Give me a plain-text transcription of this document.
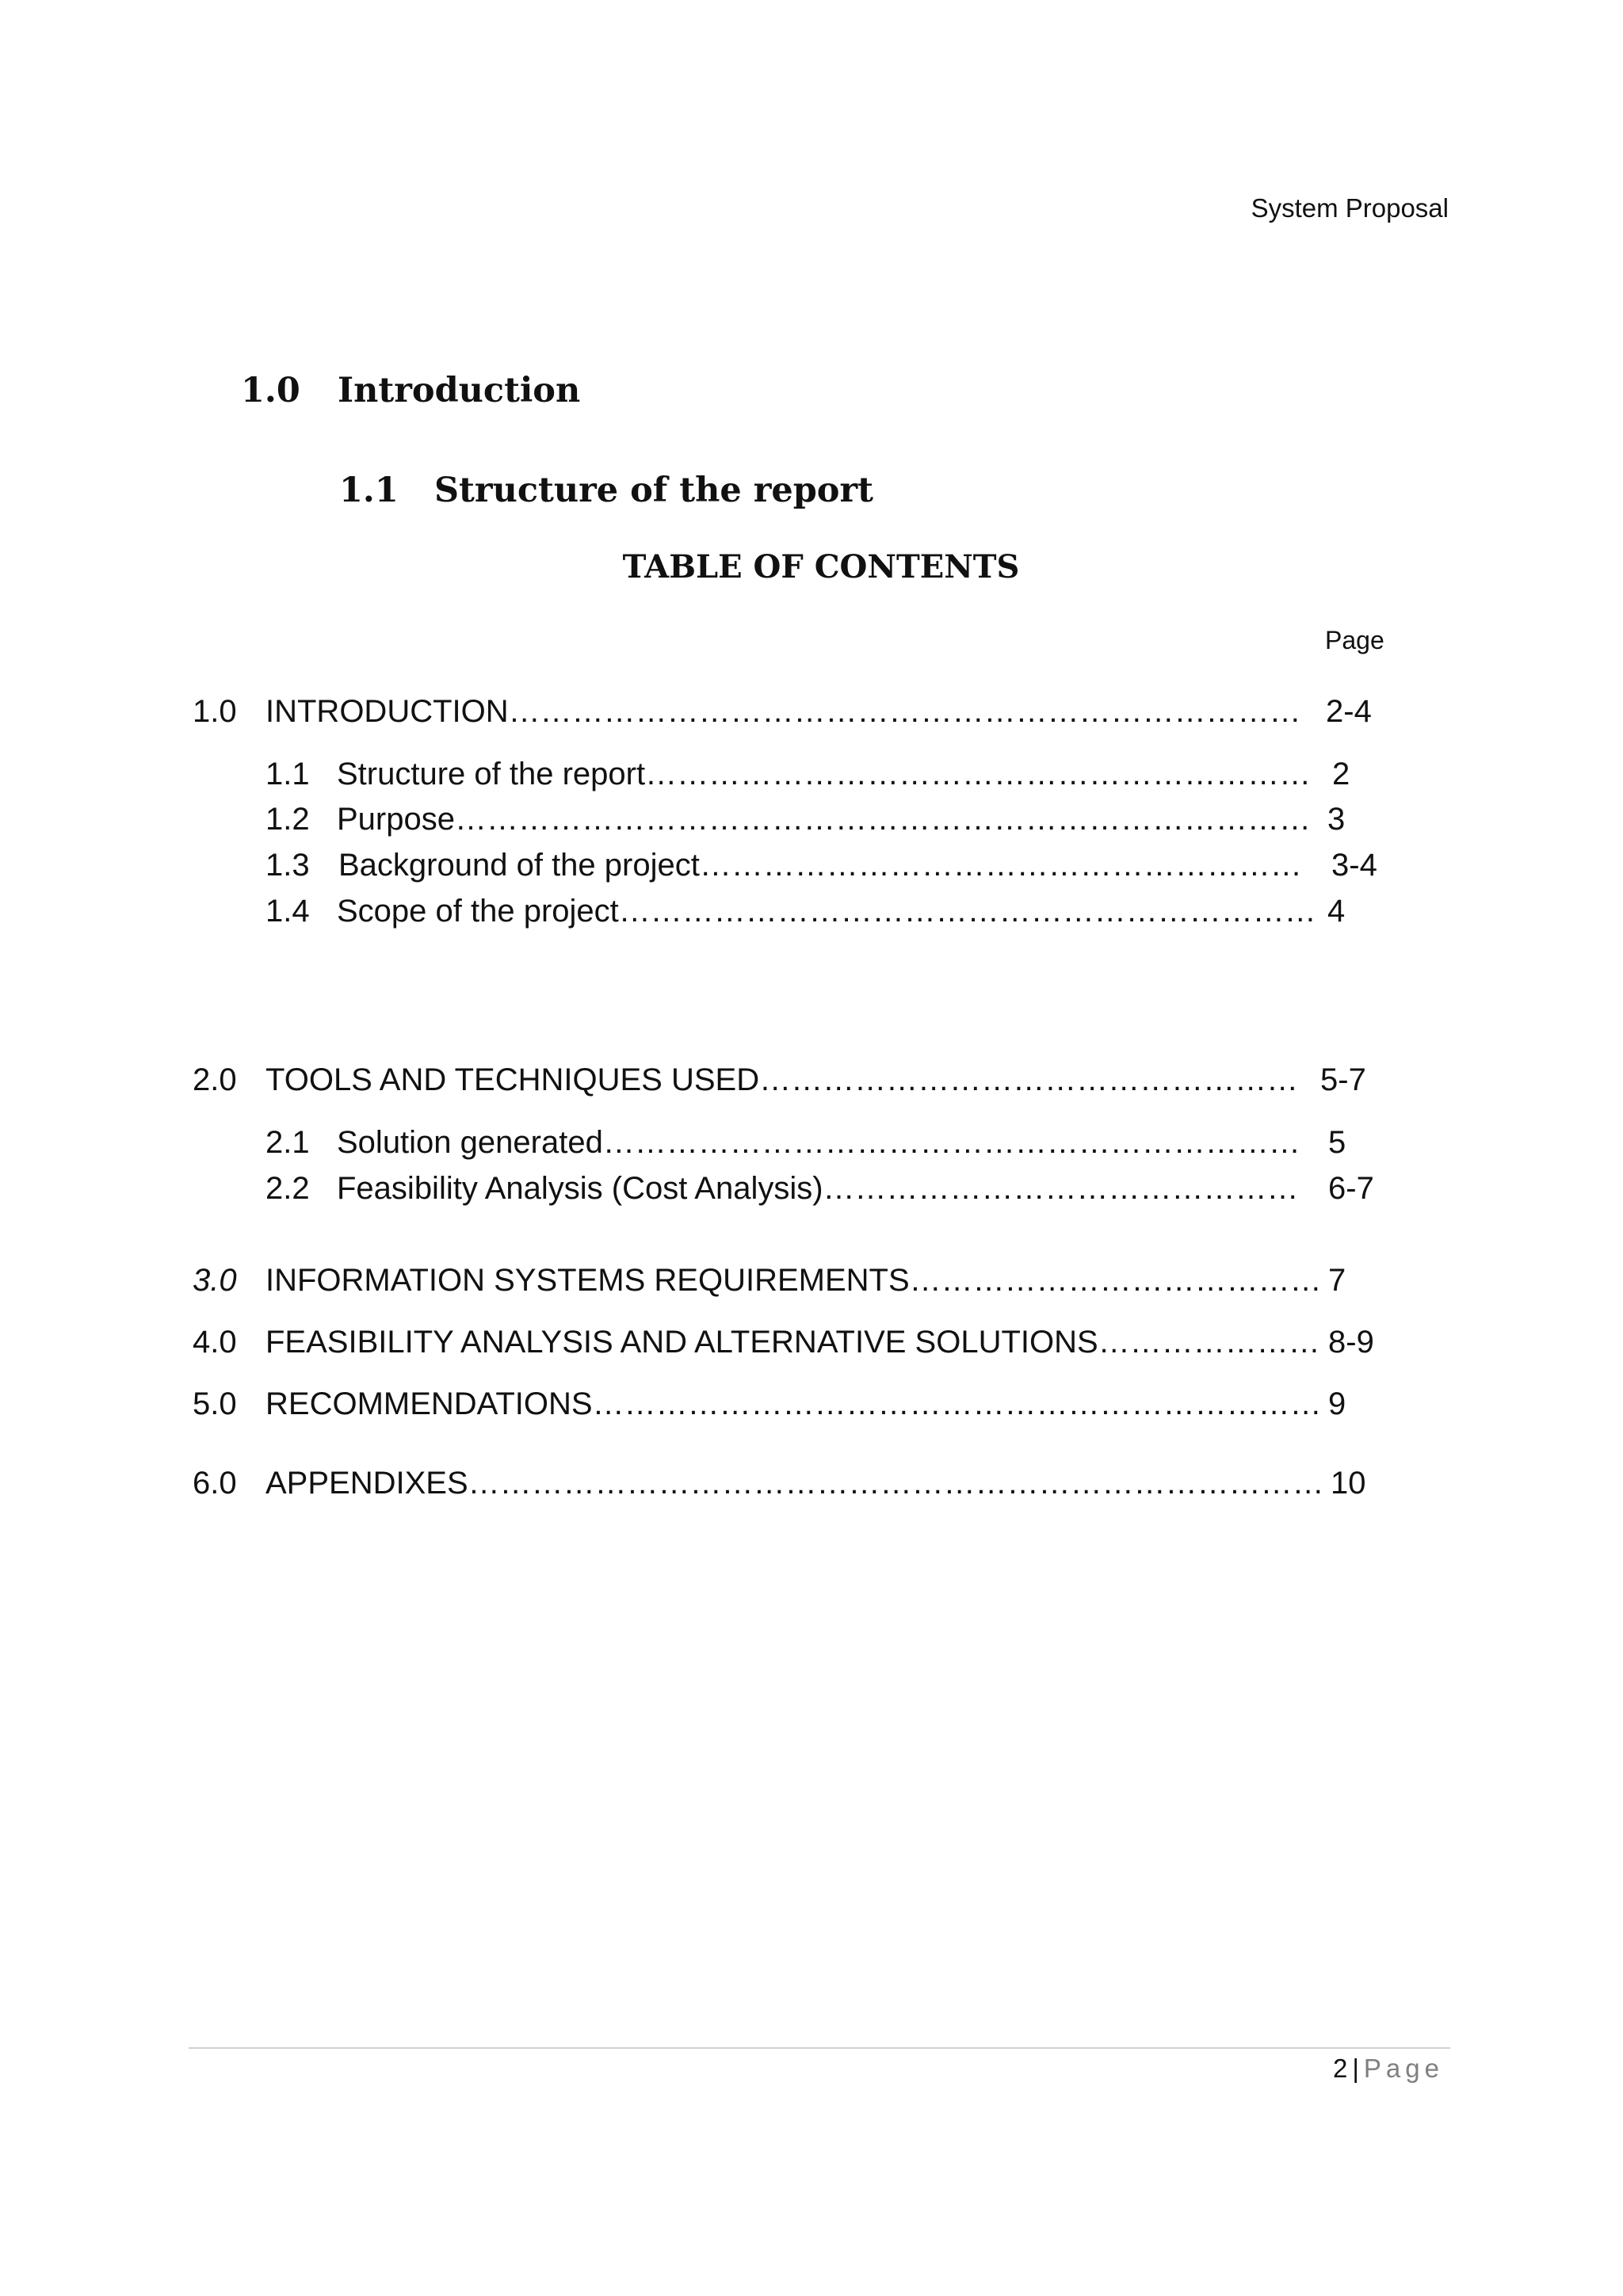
System Proposal
1.0 Introduction
1.1 Structure of the report
TABLE OF CONTENTS
Page
1.0 INTRODUCTION………………………………………………………………… 2-4
1.1 Structure of the report……………………………………………………… 2
1.2 Purpose……………………………………………………………………… 3
1.3 Background of the project………………………………………………… 3-4
1.4 Scope of the project………………………………………………………… 4
2.0 TOOLS AND TECHNIQUES USED…………………………………………… 5-7
2.1 Solution generated………………………………………………………… 5
2.2 Feasibility Analysis (Cost Analysis)……………………………………… 6-7
3.0 INFORMATION SYSTEMS REQUIREMENTS………………………………… 7
4.0 FEASIBILITY ANALYSIS AND ALTERNATIVE SOLUTIONS………………… 8-9
5.0 RECOMMENDATIONS…………………………………………………………… 9
6.0 APPENDIXES……………………………………………………………………… 10
2 | Page
